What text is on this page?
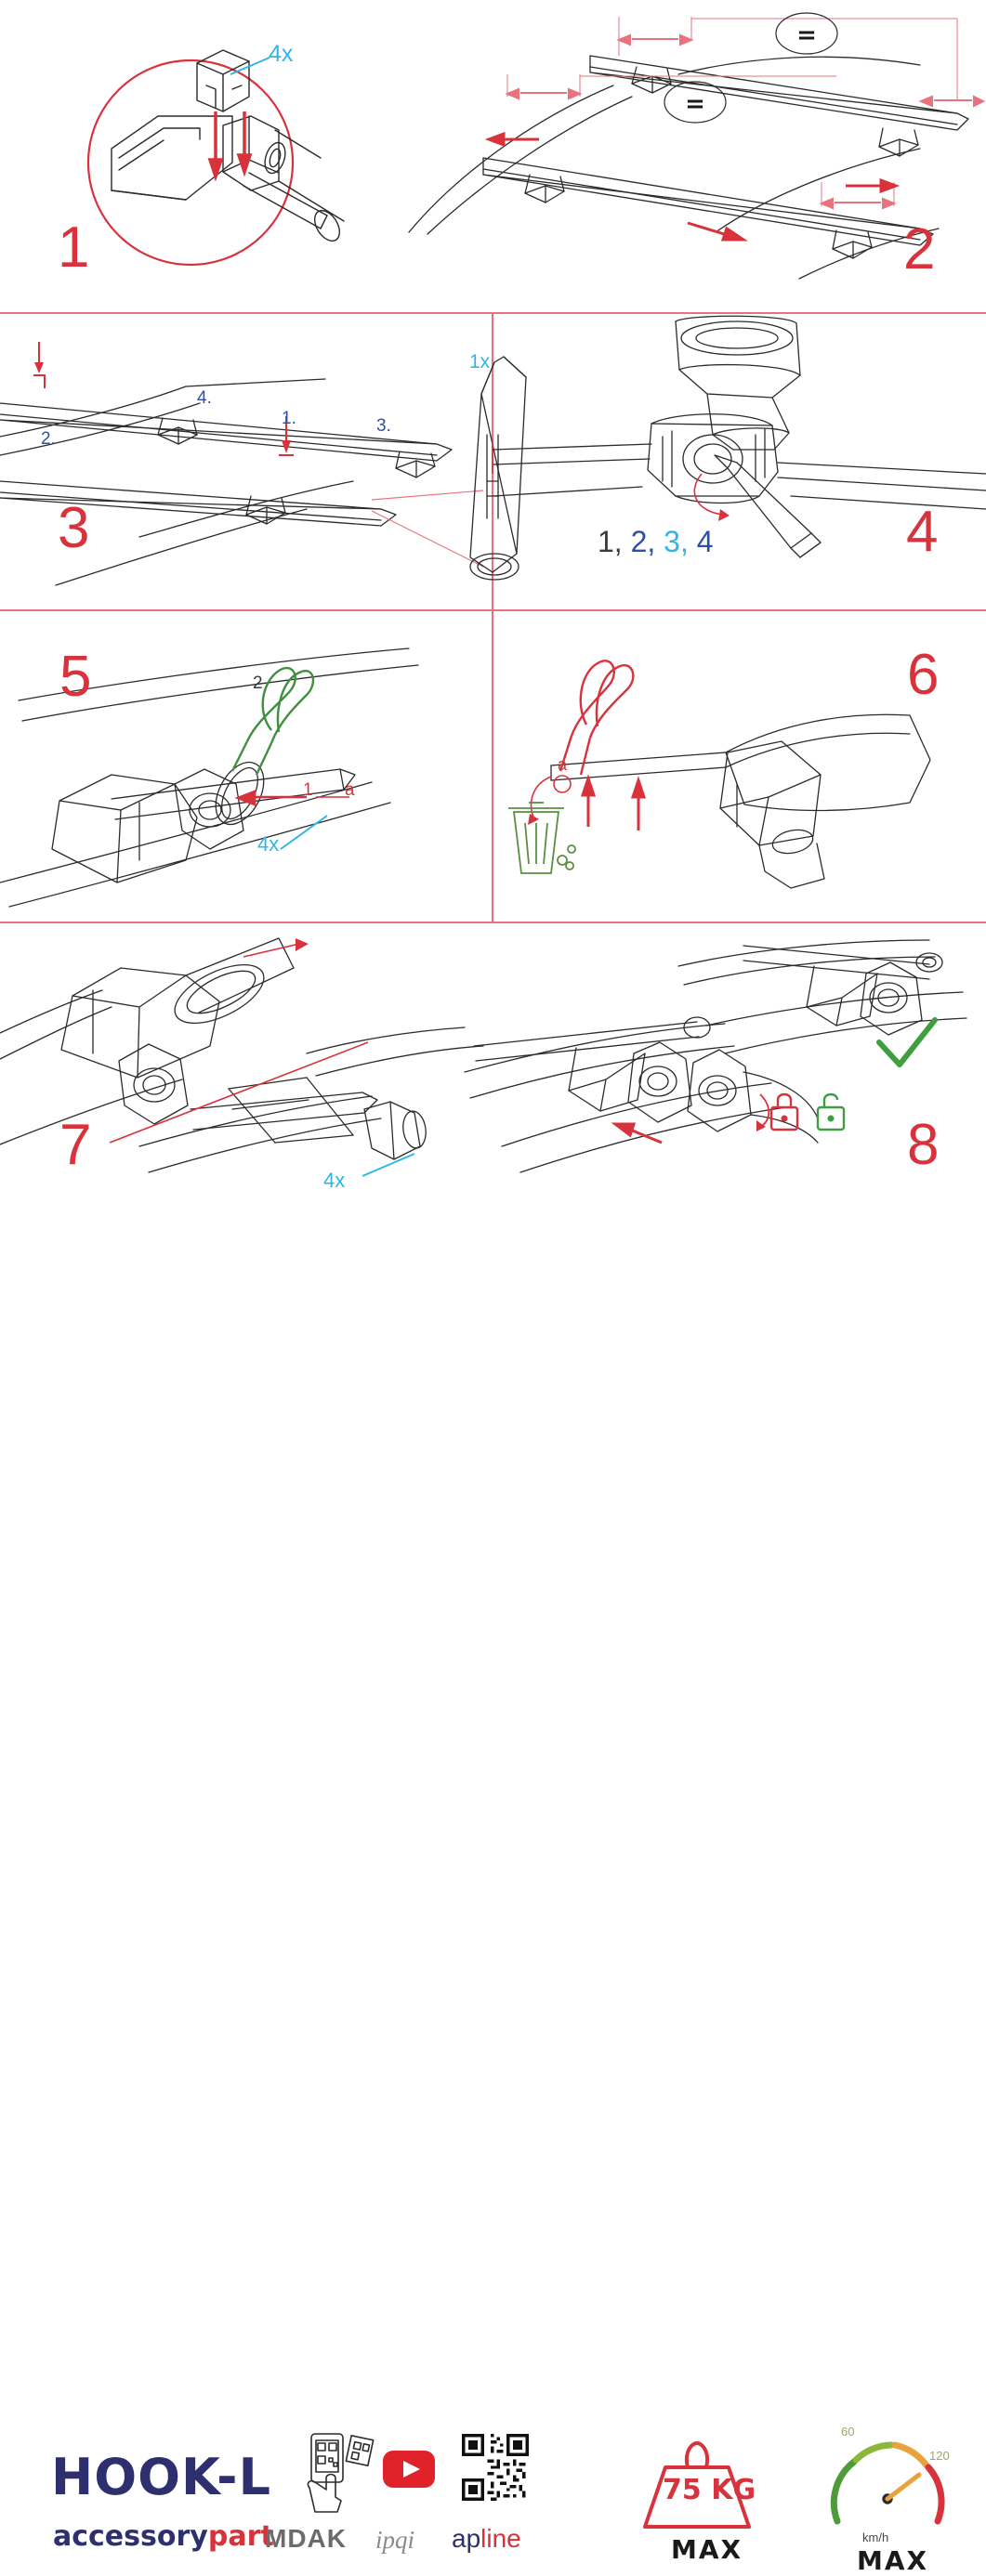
4x
1
=
=
2
4.
2.
3.
1.
3
1x
1, 2, 3, 4	4
2
1 a
4x
5
a
6
4x
7	8
HOOK-L
accessorypart
MDAK ipqi apline
75 KG
MAX
60
120
km/h
MAX
